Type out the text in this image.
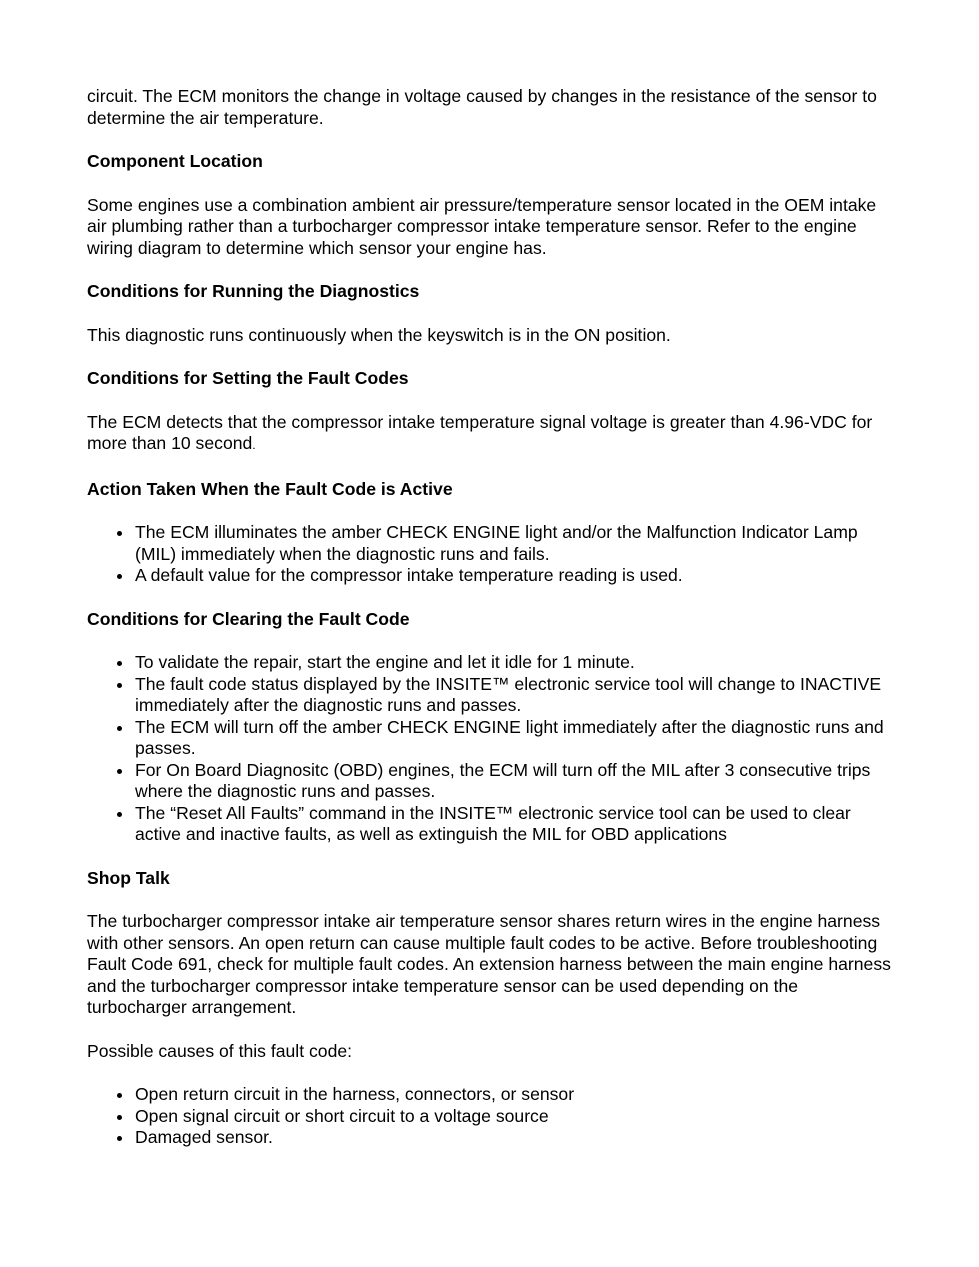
circuit. The ECM monitors the change in voltage caused by changes in the resistance of the sensor to determine the air temperature.

Component Location

Some engines use a combination ambient air pressure/temperature sensor located in the OEM intake air plumbing rather than a turbocharger compressor intake temperature sensor. Refer to the engine wiring diagram to determine which sensor your engine has.

Conditions for Running the Diagnostics

This diagnostic runs continuously when the keyswitch is in the ON position.

Conditions for Setting the Fault Codes

The ECM detects that the compressor intake temperature signal voltage is greater than 4.96-VDC for more than 10 second.

Action Taken When the Fault Code is Active
The ECM illuminates the amber CHECK ENGINE light and/or the Malfunction Indicator Lamp (MIL) immediately when the diagnostic runs and fails.
A default value for the compressor intake temperature reading is used.
Conditions for Clearing the Fault Code
To validate the repair, start the engine and let it idle for 1 minute.
The fault code status displayed by the INSITE™ electronic service tool will change to INACTIVE immediately after the diagnostic runs and passes.
The ECM will turn off the amber CHECK ENGINE light immediately after the diagnostic runs and passes.
For On Board Diagnositc (OBD) engines, the ECM will turn off the MIL after 3 consecutive trips where the diagnostic runs and passes.
The “Reset All Faults” command in the INSITE™ electronic service tool can be used to clear active and inactive faults, as well as extinguish the MIL for OBD applications
Shop Talk

The turbocharger compressor intake air temperature sensor shares return wires in the engine harness with other sensors. An open return can cause multiple fault codes to be active. Before troubleshooting Fault Code 691, check for multiple fault codes. An extension harness between the main engine harness and the turbocharger compressor intake temperature sensor can be used depending on the turbocharger arrangement.

Possible causes of this fault code:

Open return circuit in the harness, connectors, or sensor
Open signal circuit or short circuit to a voltage source
Damaged sensor.
